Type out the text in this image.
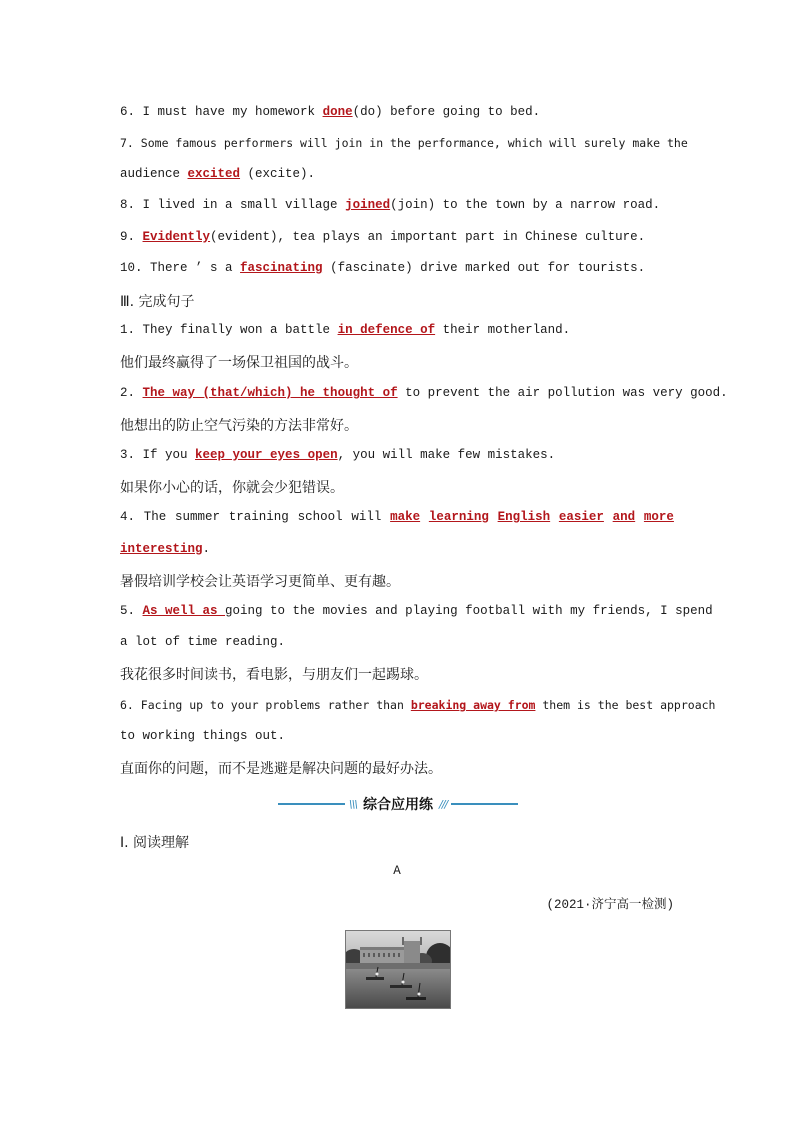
6. I must have my homework done(do) before going to bed.
7. Some famous performers will join in the performance, which will surely make the
audience excited (excite).
8. I lived in a small village joined(join) to the town by a narrow road.
9. Evidently(evident), tea plays an important part in Chinese culture.
10. There ’ s a fascinating (fascinate) drive marked out for tourists.
Ⅲ. 完成句子
1. They finally won a battle in defence of their motherland.
他们最终赢得了一场保卫祖国的战斗。
2. The way (that/which) he thought of to prevent the air pollution was very good.
他想出的防止空气污染的方法非常好。
3. If you keep your eyes open, you will make few mistakes.
如果你小心的话，你就会少犯错误。
4. The summer training school will make learning English easier and more
interesting.
暑假培训学校会让英语学习更简单、更有趣。
5. As well as going to the movies and playing football with my friends, I spend
a lot of time reading.
我花很多时间读书，看电影，与朋友们一起踢球。
6. Facing up to your problems rather than breaking away from them is the best approach
to working things out.
直面你的问题，而不是逃避是解决问题的最好办法。
\\\ 综合应用练 ///
Ⅰ. 阅读理解
A
(2021·济宁高一检测)
